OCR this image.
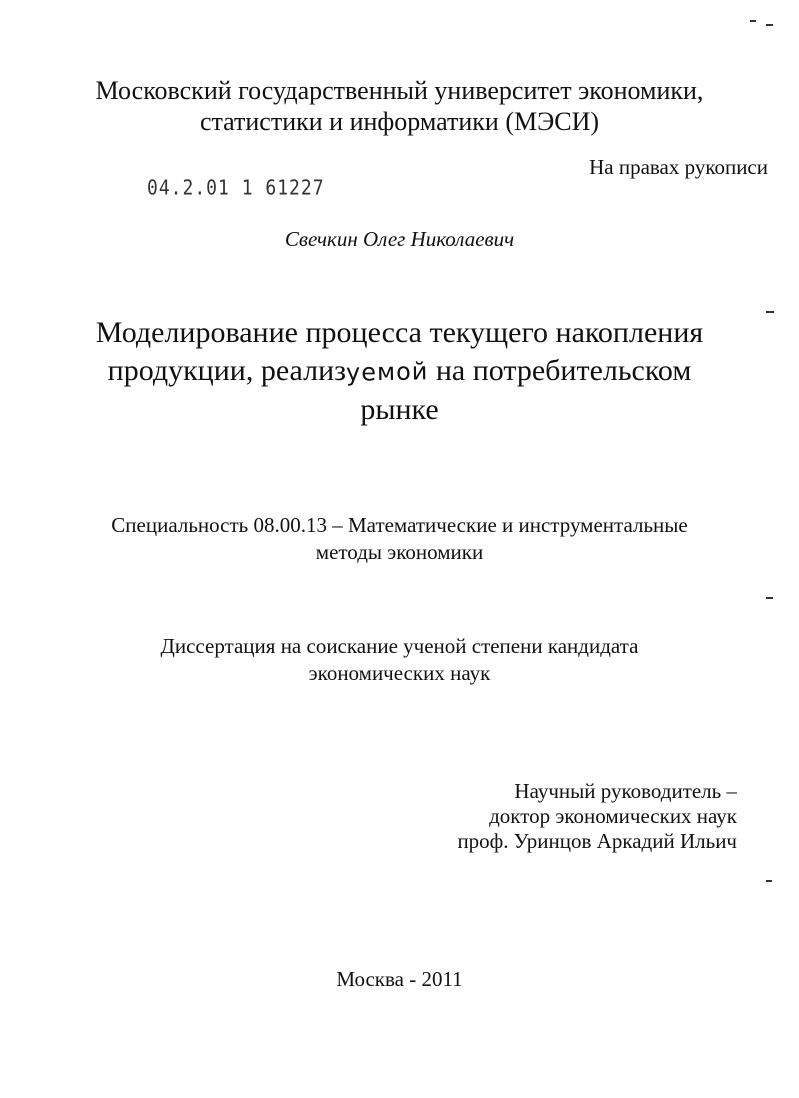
Московский государственный университет экономики,
статистики и информатики (МЭСИ)
На правах рукописи
04.2.01 1 61227
Свечкин Олег Николаевич
Моделирование процесса текущего накопления
продукции, реализуемой на потребительском
рынке
Специальность 08.00.13 – Математические и инструментальные
методы экономики
Диссертация на соискание ученой степени кандидата
экономических наук
Научный руководитель –
доктор экономических наук
проф. Уринцов Аркадий Ильич
Москва - 2011
